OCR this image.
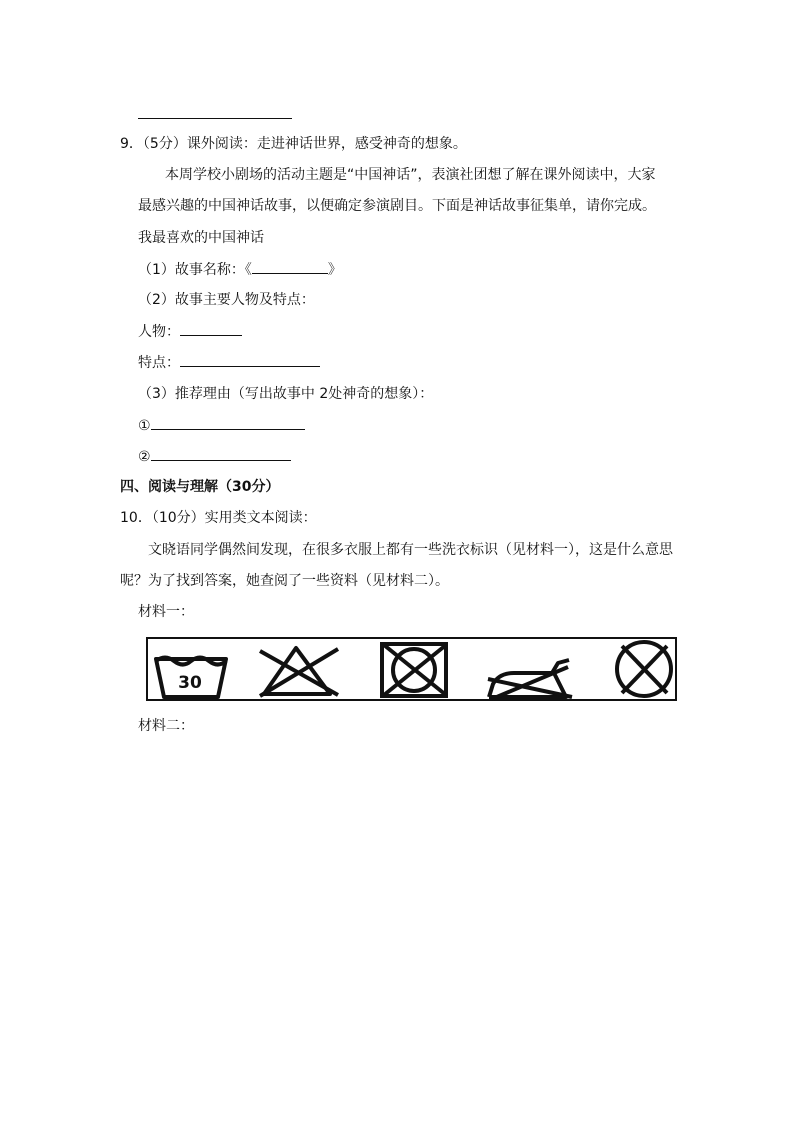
9．（5分）课外阅读：走进神话世界，感受神奇的想象。
本周学校小剧场的活动主题是“中国神话”，表演社团想了解在课外阅读中，大家
最感兴趣的中国神话故事，以便确定参演剧目。下面是神话故事征集单，请你完成。
我最喜欢的中国神话
（1）故事名称：《	》
（2）故事主要人物及特点：
人物：
特点：
（3）推荐理由（写出故事中 2处神奇的想象）：
①
②
四、阅读与理解（30分）
10．（10分）实用类文本阅读：
文晓语同学偶然间发现，在很多衣服上都有一些洗衣标识（见材料一），这是什么意思
呢？为了找到答案，她查阅了一些资料（见材料二）。
材料一：
30
材料二：
